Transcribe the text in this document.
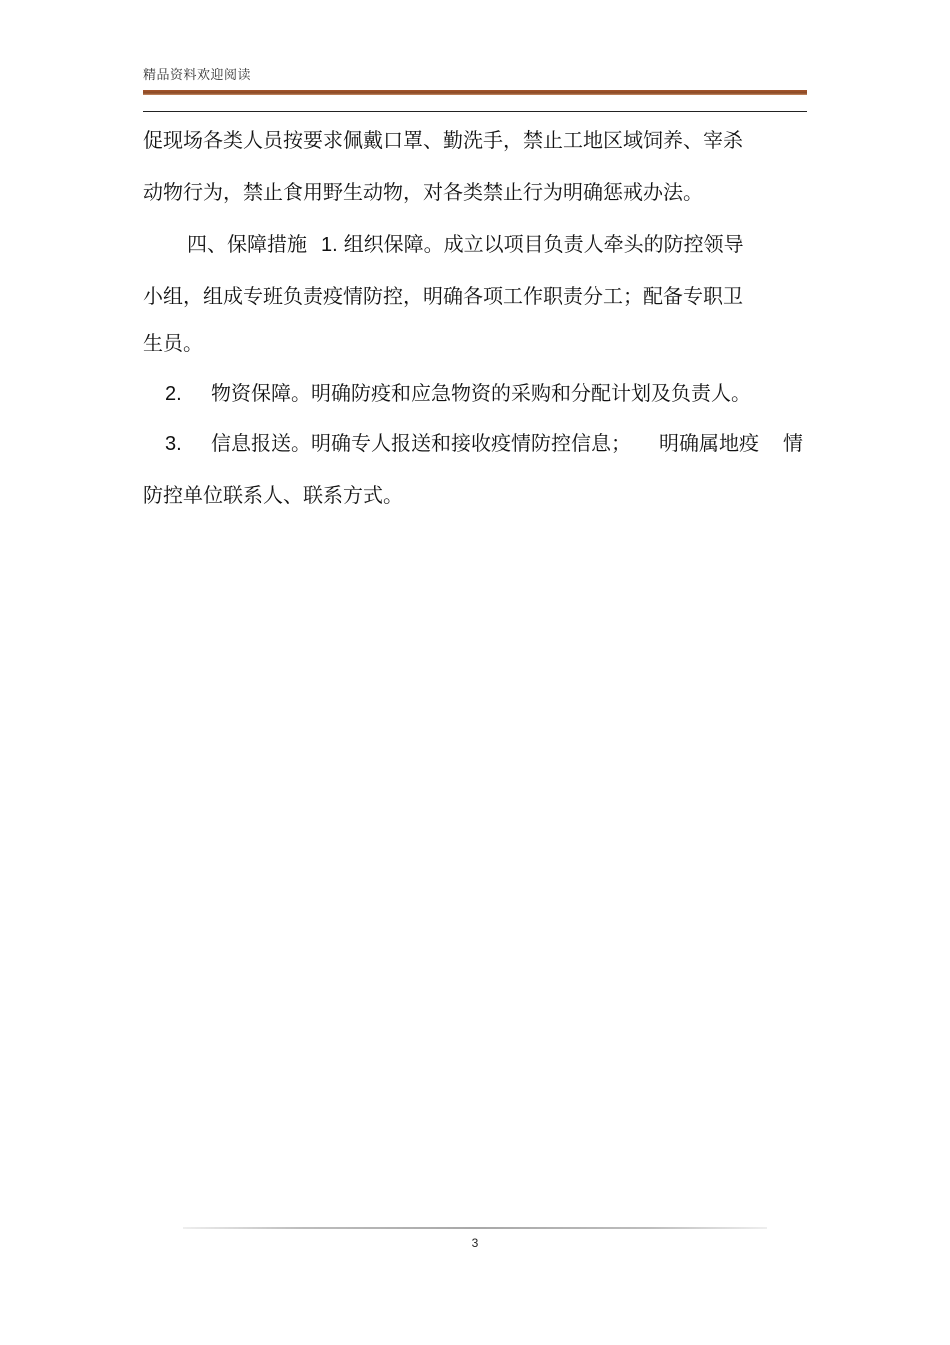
精品资料欢迎阅读
促现场各类人员按要求佩戴口罩、勤洗手，禁止工地区域饲养、宰杀
动物行为，禁止食用野生动物，对各类禁止行为明确惩戒办法。
四、保障措施 1. 组织保障。成立以项目负责人牵头的防控领导
小组，组成专班负责疫情防控，明确各项工作职责分工；配备专职卫
生员。
2. 物资保障。明确防疫和应急物资的采购和分配计划及负责人。
3. 信息报送。明确专人报送和接收疫情防控信息； 明确属地疫 情
防控单位联系人、联系方式。
3
